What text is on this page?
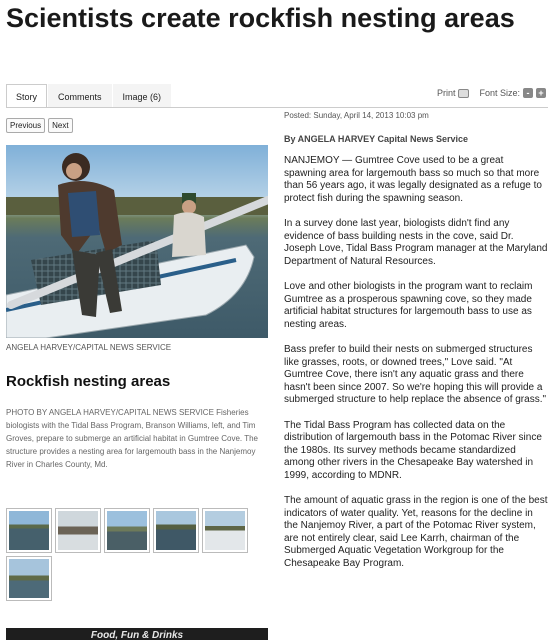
Scientists create rockfish nesting areas
Story	Comments	Image (6)	Print	Font Size: - +
Previous	Next
ANGELA HARVEY/CAPITAL NEWS SERVICE
Rockfish nesting areas
PHOTO BY ANGELA HARVEY/CAPITAL NEWS SERVICE Fisheries biologists with the Tidal Bass Program, Branson Williams, left, and Tim Groves, prepare to submerge an artificial habitat in Gumtree Cove. The structure provides a nesting area for largemouth bass in the Nanjemoy River in Charles County, Md.
Food, Fun & Drinks
Posted: Sunday, April 14, 2013 10:03 pm
By ANGELA HARVEY Capital News Service

NANJEMOY — Gumtree Cove used to be a great spawning area for largemouth bass so much so that more than 56 years ago, it was legally designated as a refuge to protect fish during the spawning season.

In a survey done last year, biologists didn't find any evidence of bass building nests in the cove, said Dr. Joseph Love, Tidal Bass Program manager at the Maryland Department of Natural Resources.

Love and other biologists in the program want to reclaim Gumtree as a prosperous spawning cove, so they made artificial habitat structures for largemouth bass to use as nesting areas.

Bass prefer to build their nests on submerged structures like grasses, roots, or downed trees," Love said. "At Gumtree Cove, there isn't any aquatic grass and there hasn't been since 2007. So we're hoping this will provide a submerged structure to help replace the absence of grass."

The Tidal Bass Program has collected data on the distribution of largemouth bass in the Potomac River since the 1980s. Its survey methods became standardized among other rivers in the Chesapeake Bay watershed in 1999, according to MDNR.

The amount of aquatic grass in the region is one of the best indicators of water quality. Yet, reasons for the decline in the Nanjemoy River, a part of the Potomac River system, are not entirely clear, said Lee Karrh, chairman of the Submerged Aquatic Vegetation Workgroup for the Chesapeake Bay Program.
